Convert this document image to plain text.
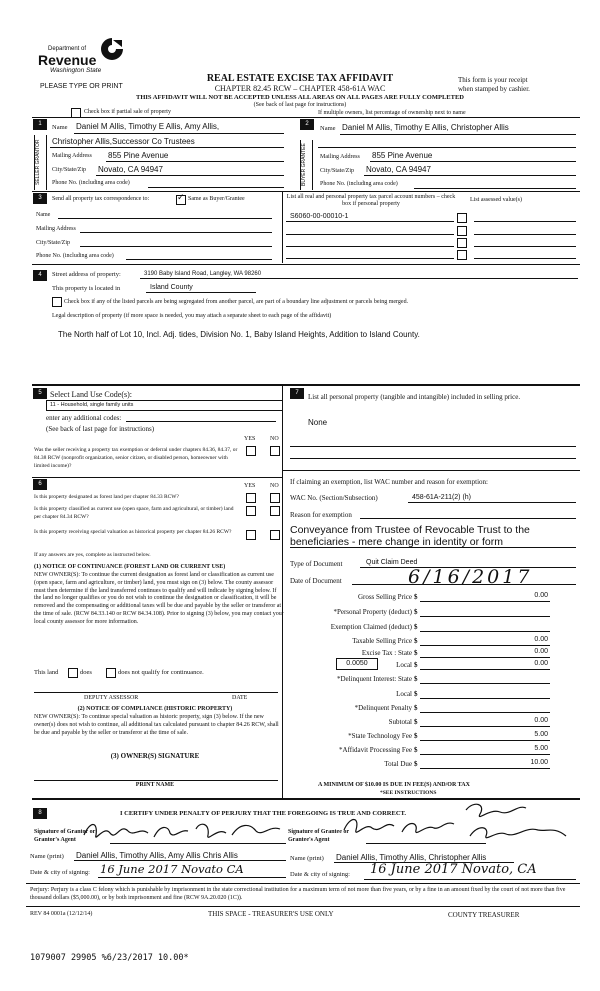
Department of
Revenue
Washington State
PLEASE TYPE OR PRINT
REAL ESTATE EXCISE TAX AFFIDAVIT
CHAPTER 82.45 RCW – CHAPTER 458-61A WAC
THIS AFFIDAVIT WILL NOT BE ACCEPTED UNLESS ALL AREAS ON ALL PAGES ARE FULLY COMPLETED
(See back of last page for instructions)
This form is your receipt
when stamped by cashier.
Check box if partial sale of property	If multiple owners, list percentage of ownership next to name
1
SELLER GRANTOR
Name Daniel M Allis, Timothy E Allis, Amy Allis,
Christopher Allis,Successor Co Trustees
Mailing Address 855 Pine Avenue
City/State/Zip Novato, CA 94947
Phone No. (including area code)
2
BUYER GRANTEE
Name Daniel M Allis, Timothy E Allis, Christopher Allis
Mailing Address 855 Pine Avenue
City/State/Zip Novato, CA 94947
Phone No. (including area code)
3	Send all property tax correspondence to:
✓	Same as Buyer/Grantee
Name
Mailing Address
City/State/Zip
Phone No. (including area code)
List all real and personal property tax parcel account numbers – check box if personal property
List assessed value(s)
S6060-00-00010-1
4	Street address of property:	3190 Baby Island Road, Langley, WA 98260
This property is located in	Island County
Check box if any of the listed parcels are being segregated from another parcel, are part of a boundary line adjustment or parcels being merged.
Legal description of property (if more space is needed, you may attach a separate sheet to each page of the affidavit)
The North half of Lot 10, Incl. Adj. tides, Division No. 1, Baby Island Heights, Addition to Island County.
5	Select Land Use Code(s):
11 - Household, single family units
enter any additional codes:
(See back of last page for instructions)
YES NO
Was the seller receiving a property tax exemption or deferral under chapters 84.36, 84.37, or 84.38 RCW (nonprofit organization, senior citizen, or disabled person, homeowner with limited income)?
6	YES NO
Is this property designated as forest land per chapter 84.33 RCW?
Is this property classified as current use (open space, farm and agricultural, or timber) land per chapter 84.34 RCW?
Is this property receiving special valuation as historical property per chapter 84.26 RCW?
If any answers are yes, complete as instructed below.
(1) NOTICE OF CONTINUANCE (FOREST LAND OR CURRENT USE)
NEW OWNER(S): To continue the current designation as forest land or classification as current use (open space, farm and agriculture, or timber) land, you must sign on (3) below. The county assessor must then determine if the land transferred continues to qualify and will indicate by signing below. If the land no longer qualifies or you do not wish to continue the designation or classification, it will be removed and the compensating or additional taxes will be due and payable by the seller or transferor at the time of sale. (RCW 84.33.140 or RCW 84.34.108). Prior to signing (3) below, you may contact your local county assessor for more information.
This land	does	does not qualify for continuance.
DEPUTY ASSESSOR	DATE
(2) NOTICE OF COMPLIANCE (HISTORIC PROPERTY)
NEW OWNER(S): To continue special valuation as historic property, sign (3) below. If the new owner(s) does not wish to continue, all additional tax calculated pursuant to chapter 84.26 RCW, shall be due and payable by the seller or transferor at the time of sale.
(3) OWNER(S) SIGNATURE
PRINT NAME
7	List all personal property (tangible and intangible) included in selling price.
None
If claiming an exemption, list WAC number and reason for exemption:
WAC No. (Section/Subsection)	458-61A-211(2) (h)
Reason for exemption
Conveyance from Trustee of Revocable Trust to the beneficiaries - mere change in identity or form
Type of Document	Quit Claim Deed
Date of Document	6/16/2017
Gross Selling Price $	0.00
*Personal Property (deduct) $
Exemption Claimed (deduct) $
Taxable Selling Price $	0.00
Excise Tax : State $	0.00
Local $	0.00
*Delinquent Interest: State $
Local $
*Delinquent Penalty $
Subtotal $	0.00
*State Technology Fee $	5.00
*Affidavit Processing Fee $	5.00
Total Due $	10.00
0.0050
A MINIMUM OF $10.00 IS DUE IN FEE(S) AND/OR TAX
*SEE INSTRUCTIONS
8	I CERTIFY UNDER PENALTY OF PERJURY THAT THE FOREGOING IS TRUE AND CORRECT.
Signature of Grantor or Grantor's Agent
Signature of Grantee or Grantee's Agent
Name (print) Daniel Allis, Timothy Allis, Amy Allis Chris Allis	Name (print) Daniel Allis, Timothy Allis, Christopher Allis
Date & city of signing: 16 June 2017 Novato CA	Date & city of signing: 16 June 2017 Novato, CA
Perjury: Perjury is a class C felony which is punishable by imprisonment in the state correctional institution for a maximum term of not more than five years, or by a fine in an amount fixed by the court of not more than five thousand dollars ($5,000.00), or by both imprisonment and fine (RCW 9A.20.020 (1C)).
REV 84 0001a (12/12/14)	THIS SPACE - TREASURER'S USE ONLY	COUNTY TREASURER
1079007 29905 %6/23/2017 10.00*
